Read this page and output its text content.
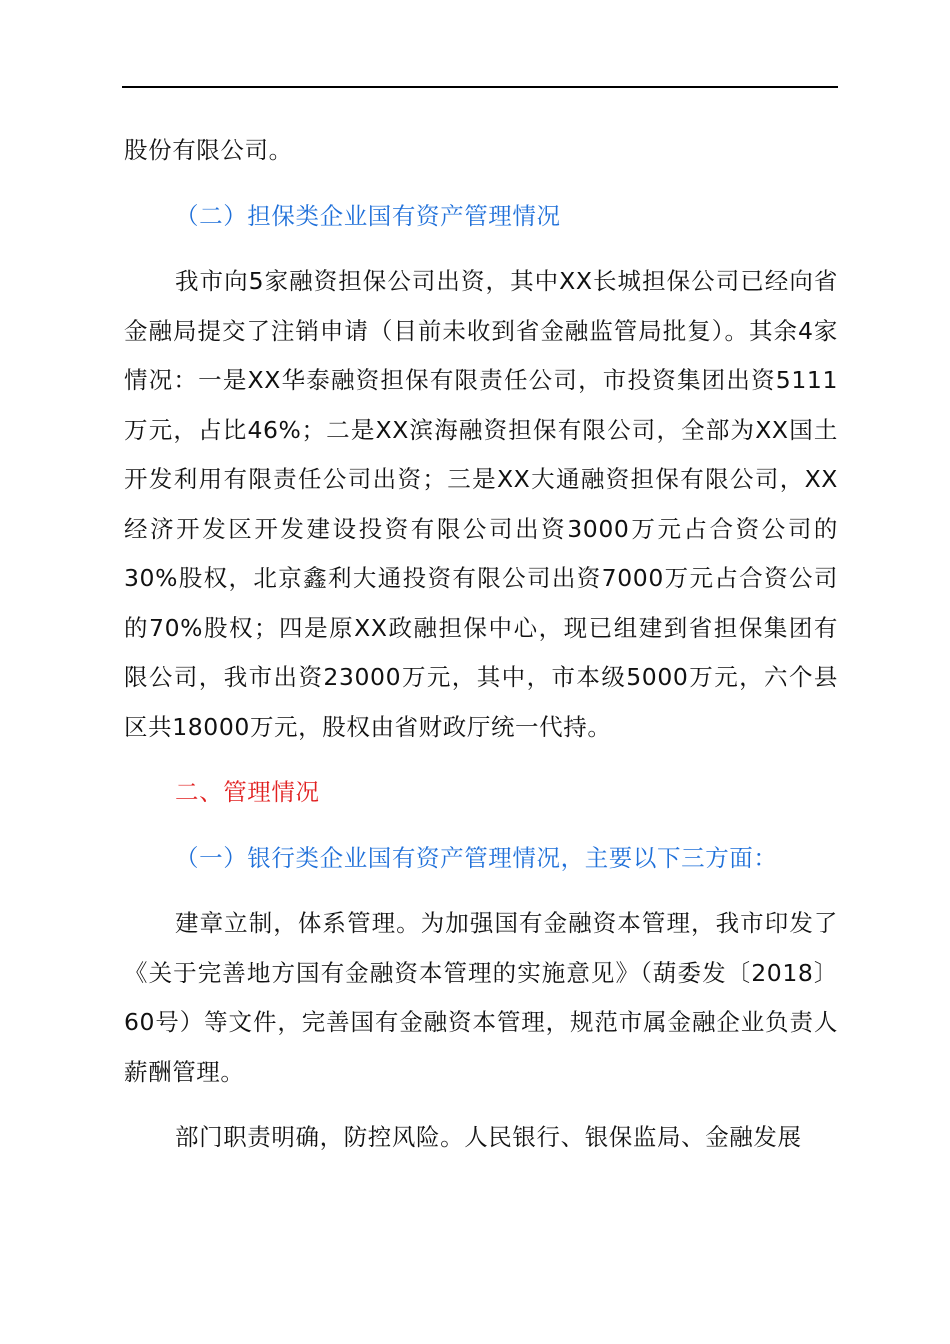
股份有限公司。

（二）担保类企业国有资产管理情况

我市向5家融资担保公司出资，其中XX长城担保公司已经向省金融局提交了注销申请（目前未收到省金融监管局批复）。其余4家情况：一是XX华泰融资担保有限责任公司，市投资集团出资5111万元，占比46%；二是XX滨海融资担保有限公司，全部为XX国土开发利用有限责任公司出资；三是XX大通融资担保有限公司，XX经济开发区开发建设投资有限公司出资3000万元占合资公司的30%股权，北京鑫利大通投资有限公司出资7000万元占合资公司的70%股权；四是原XX政融担保中心，现已组建到省担保集团有限公司，我市出资23000万元，其中，市本级5000万元，六个县区共18000万元，股权由省财政厅统一代持。

二、管理情况

（一）银行类企业国有资产管理情况，主要以下三方面：

建章立制，体系管理。为加强国有金融资本管理，我市印发了《关于完善地方国有金融资本管理的实施意见》（葫委发〔2018〕60号）等文件，完善国有金融资本管理，规范市属金融企业负责人薪酬管理。

部门职责明确，防控风险。人民银行、银保监局、金融发展
